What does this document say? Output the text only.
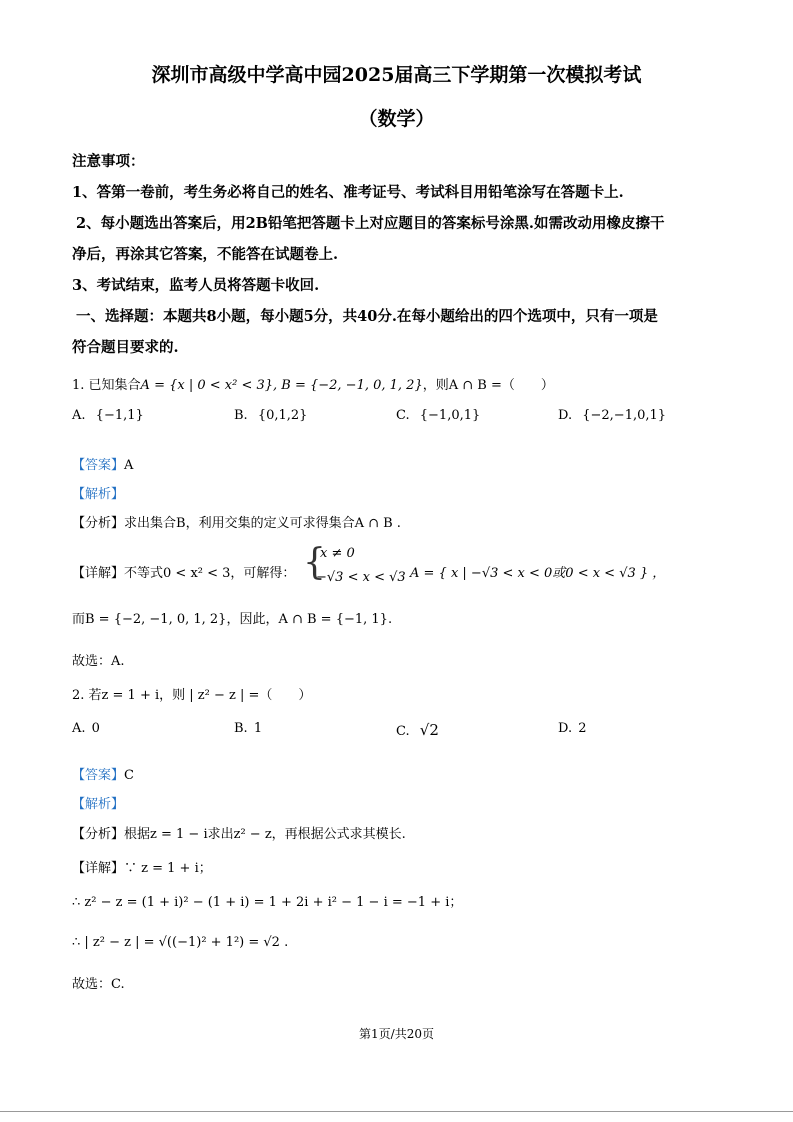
深圳市高级中学高中园2025届高三下学期第一次模拟考试
（数学）
注意事项：
1、答第一卷前，考生务必将自己的姓名、准考证号、考试科目用铅笔涂写在答题卡上.
2、每小题选出答案后，用2B铅笔把答题卡上对应题目的答案标号涂黑.如需改动用橡皮擦干
净后，再涂其它答案，不能答在试题卷上.
3、考试结束，监考人员将答题卡收回.
一、选择题：本题共8小题，每小题5分，共40分.在每小题给出的四个选项中，只有一项是
符合题目要求的.
1. 已知集合A = {x | 0 < x² < 3}, B = {−2, −1, 0, 1, 2}，则A ∩ B =（　　）
A. {−1,1}	B. {0,1,2}	C. {−1,0,1}	D. {−2,−1,0,1}
【答案】A
【解析】
【分析】求出集合B，利用交集的定义可求得集合A ∩ B .
【详解】不等式0 < x² < 3，可解得： {
x ≠ 0
−√3 < x < √3 A = { x | −√3 < x < 0或0 < x < √3 } ，
而B = {−2, −1, 0, 1, 2}，因此，A ∩ B = {−1, 1}.
故选：A.
2. 若z = 1 + i，则 | z² − z | =（　　）
A. 0	B. 1	C. √2	D. 2
【答案】C
【解析】
【分析】根据z = 1 − i求出z² − z，再根据公式求其模长.
【详解】∵ z = 1 + i；
∴ z² − z = (1 + i)² − (1 + i) = 1 + 2i + i² − 1 − i = −1 + i；
∴ | z² − z | = √((−1)² + 1²) = √2 .
故选：C.
第1页/共20页
